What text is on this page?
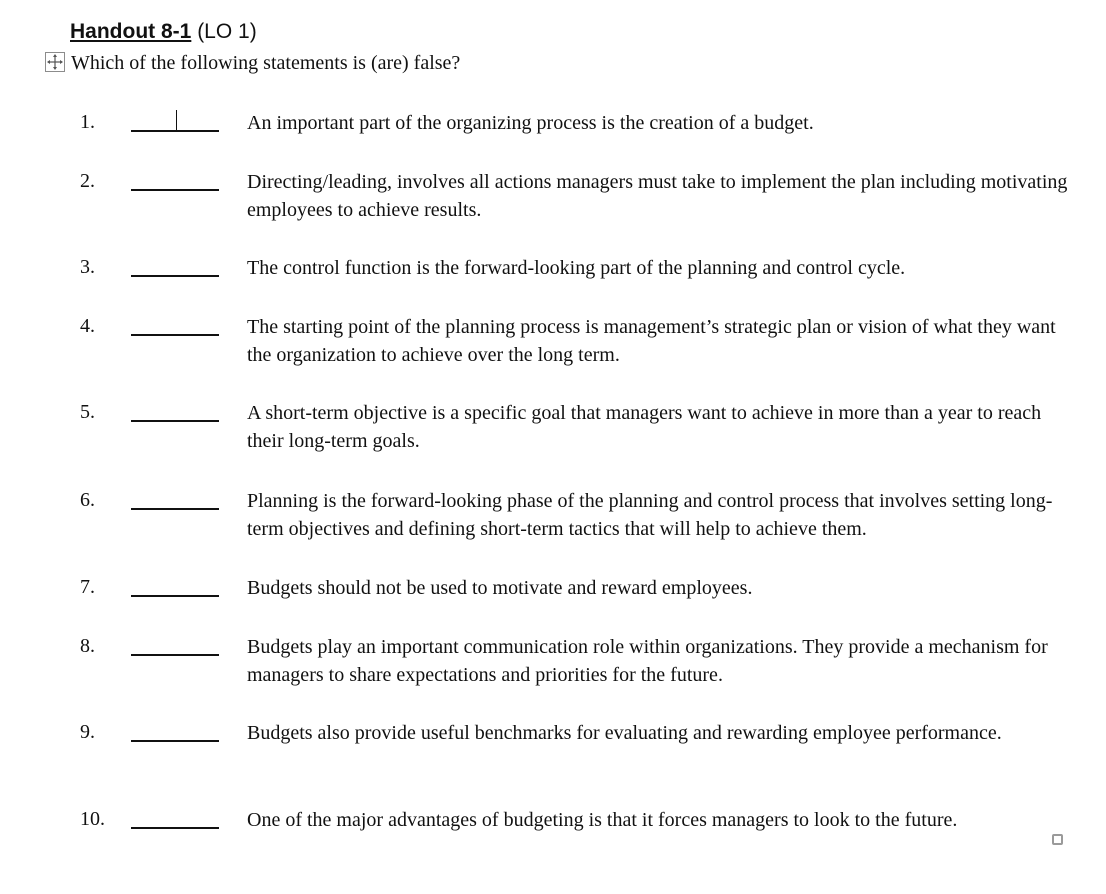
Handout 8-1 (LO 1)
Which of the following statements is (are) false?
1.	An important part of the organizing process is the creation of a budget.
2.	Directing/leading, involves all actions managers must take to implement the plan including motivating employees to achieve results.
3.	The control function is the forward-looking part of the planning and control cycle.
4.	The starting point of the planning process is management’s strategic plan or vision of what they want the organization to achieve over the long term.
5.	A short-term objective is a specific goal that managers want to achieve in more than a year to reach their long-term goals.
6.	Planning is the forward-looking phase of the planning and control process that involves setting long-term objectives and defining short-term tactics that will help to achieve them.
7.	Budgets should not be used to motivate and reward employees.
8.	Budgets play an important communication role within organizations. They provide a mechanism for managers to share expectations and priorities for the future.
9.	Budgets also provide useful benchmarks for evaluating and rewarding employee performance.
10.	One of the major advantages of budgeting is that it forces managers to look to the future.
